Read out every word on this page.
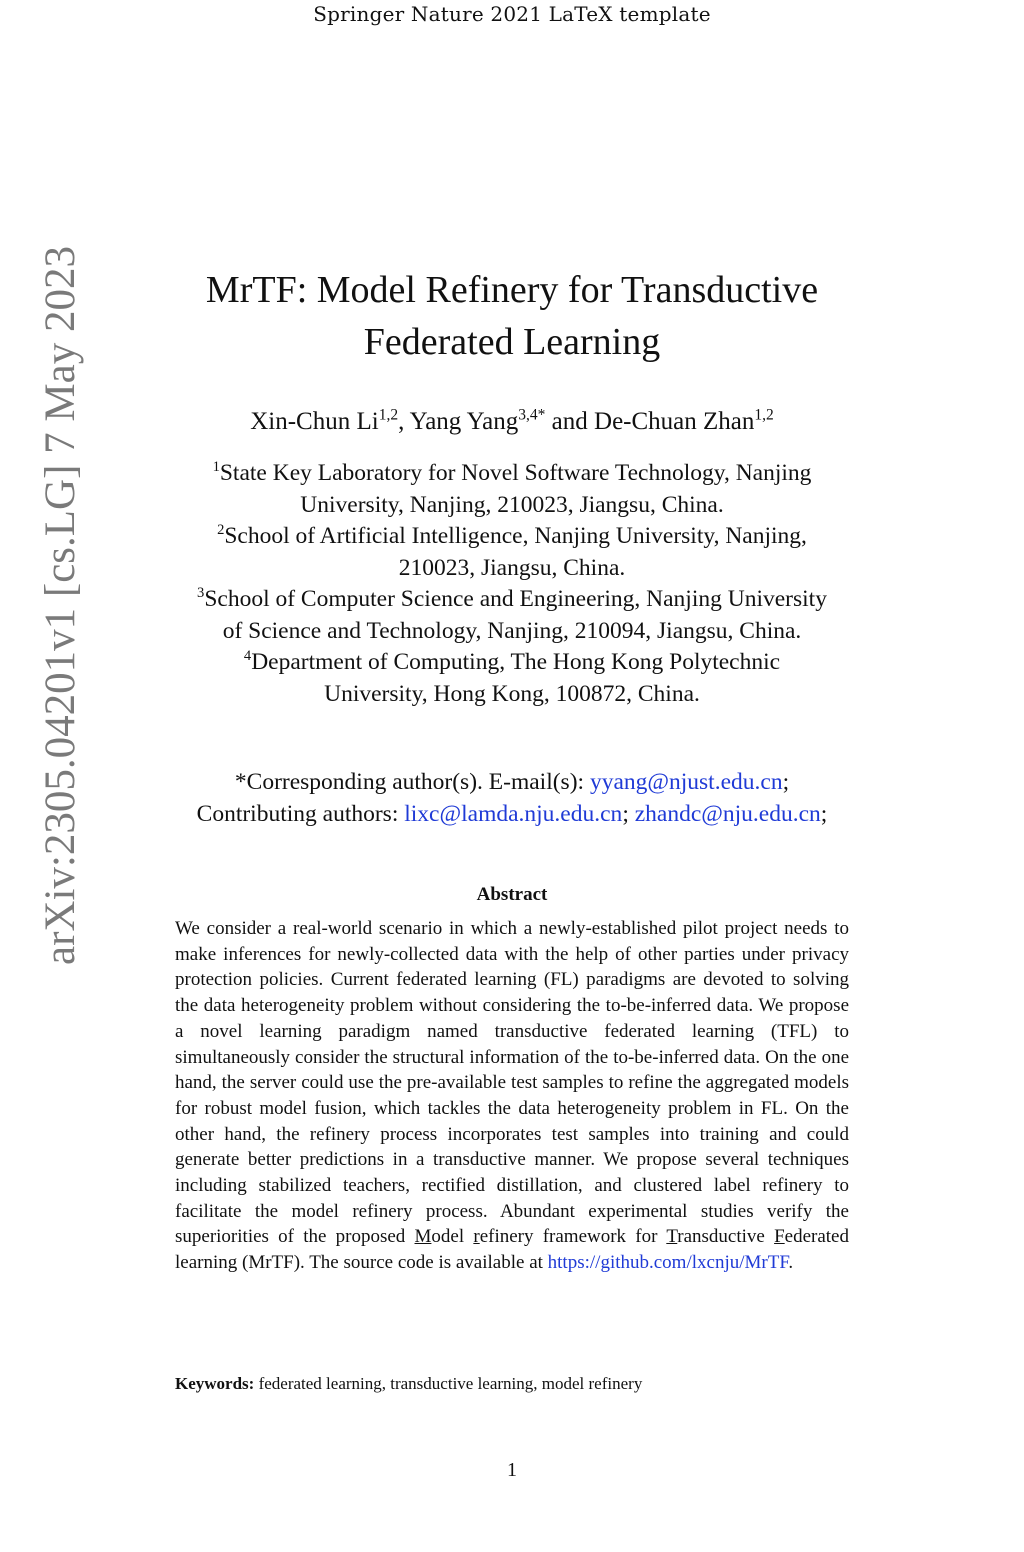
Springer Nature 2021 LaTeX template
arXiv:2305.04201v1 [cs.LG] 7 May 2023	MrTF: Model Refinery for Transductive
Federated Learning
Xin-Chun Li$^{1,2}$, Yang Yang$^{3,4*}$ and De-Chuan Zhan$^{1,2}$

$^1$State Key Laboratory for Novel Software Technology, Nanjing

University, Nanjing, 210023, Jiangsu, China.

$^2$School of Artificial Intelligence, Nanjing University, Nanjing,

210023, Jiangsu, China.

$^3$School of Computer Science and Engineering, Nanjing University

of Science and Technology, Nanjing, 210094, Jiangsu, China.

$^4$Department of Computing, The Hong Kong Polytechnic

University, Hong Kong, 100872, China.

*Corresponding author(s). E-mail(s): yyang@njust.edu.cn;

Contributing authors: lixc@lamda.nju.edu.cn; zhandc@nju.edu.cn;

Abstract

We consider a real-world scenario in which a newly-established pilot project needs to make inferences for newly-collected data with the help of other parties under privacy protection policies. Current federated learning (FL) paradigms are devoted to solving the data heterogeneity problem without considering the to-be-inferred data. We propose a novel learning paradigm named transductive federated learning (TFL) to simultaneously consider the structural information of the to-be-inferred data. On the one hand, the server could use the pre-available test samples to refine the aggregated models for robust model fusion, which tackles the data heterogeneity problem in FL. On the other hand, the refinery process incorporates test samples into training and could generate better predictions in a transductive manner. We propose several techniques including stabilized teachers, rectified distillation, and clustered label refinery to facilitate the model refinery process. Abundant experimental studies verify the superiorities of the proposed Model refinery framework for Transductive Federated learning (MrTF). The source code is available at https://github.com/lxcnju/MrTF.

Keywords: federated learning, transductive learning, model refinery
1
